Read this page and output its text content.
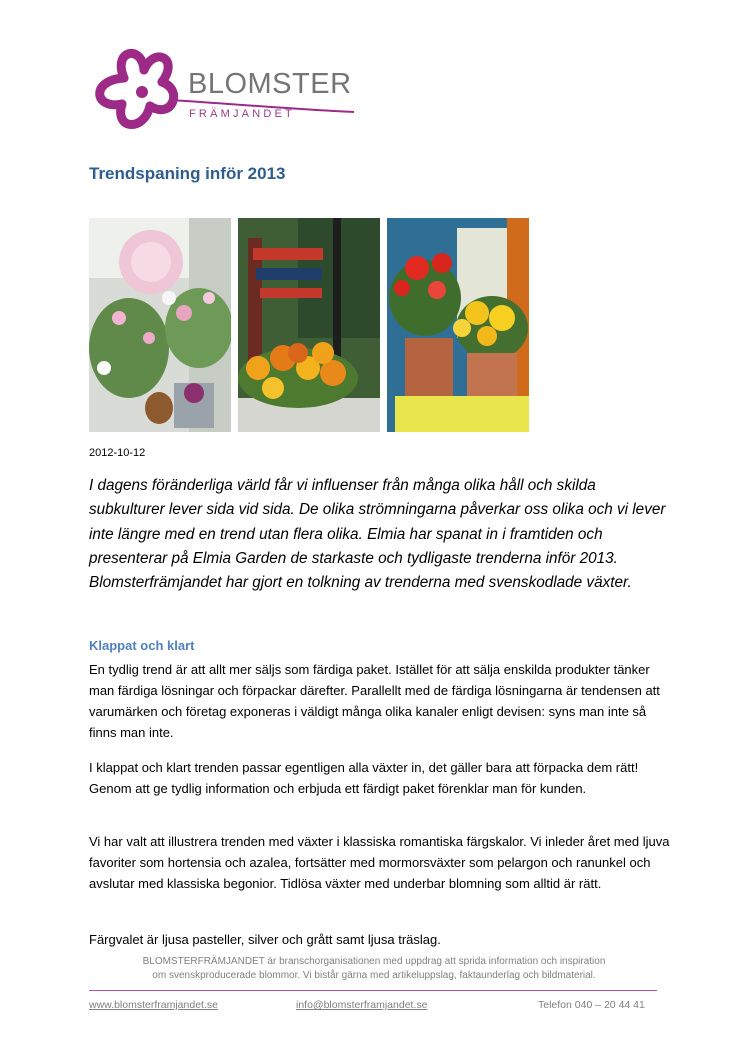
BLOMSTER
FRÄMJANDET
Trendspaning inför 2013
2012-10-12

I dagens föränderliga värld får vi influenser från många olika håll och skilda subkulturer lever sida vid sida. De olika strömningarna påverkar oss olika och vi lever inte längre med en trend utan flera olika. Elmia har spanat in i framtiden och presenterar på Elmia Garden de starkaste och tydligaste trenderna inför 2013. Blomsterfrämjandet har gjort en tolkning av trenderna med svenskodlade växter.

Klappat och klart

En tydlig trend är att allt mer säljs som färdiga paket. Istället för att sälja enskilda produkter tänker man färdiga lösningar och förpackar därefter. Parallellt med de färdiga lösningarna är tendensen att varumärken och företag exponeras i väldigt många olika kanaler enligt devisen: syns man inte så finns man inte.

I klappat och klart trenden passar egentligen alla växter in, det gäller bara att förpacka dem rätt! Genom att ge tydlig information och erbjuda ett färdigt paket förenklar man för kunden.

Vi har valt att illustrera trenden med växter i klassiska romantiska färgskalor. Vi inleder året med ljuva favoriter som hortensia och azalea, fortsätter med mormorsväxter som pelargon och ranunkel och avslutar med klassiska begonior. Tidlösa växter med underbar blomning som alltid är rätt.

Färgvalet är ljusa pasteller, silver och grått samt ljusa träslag.

BLOMSTERFRÄMJANDET är branschorganisationen med uppdrag att sprida information och inspiration
om svenskproducerade blommor. Vi bistår gärna med artikeluppslag, faktaunderlag och bildmaterial.
www.blomsterframjandet.se	info@blomsterframjandet.se	Telefon 040 – 20 44 41
